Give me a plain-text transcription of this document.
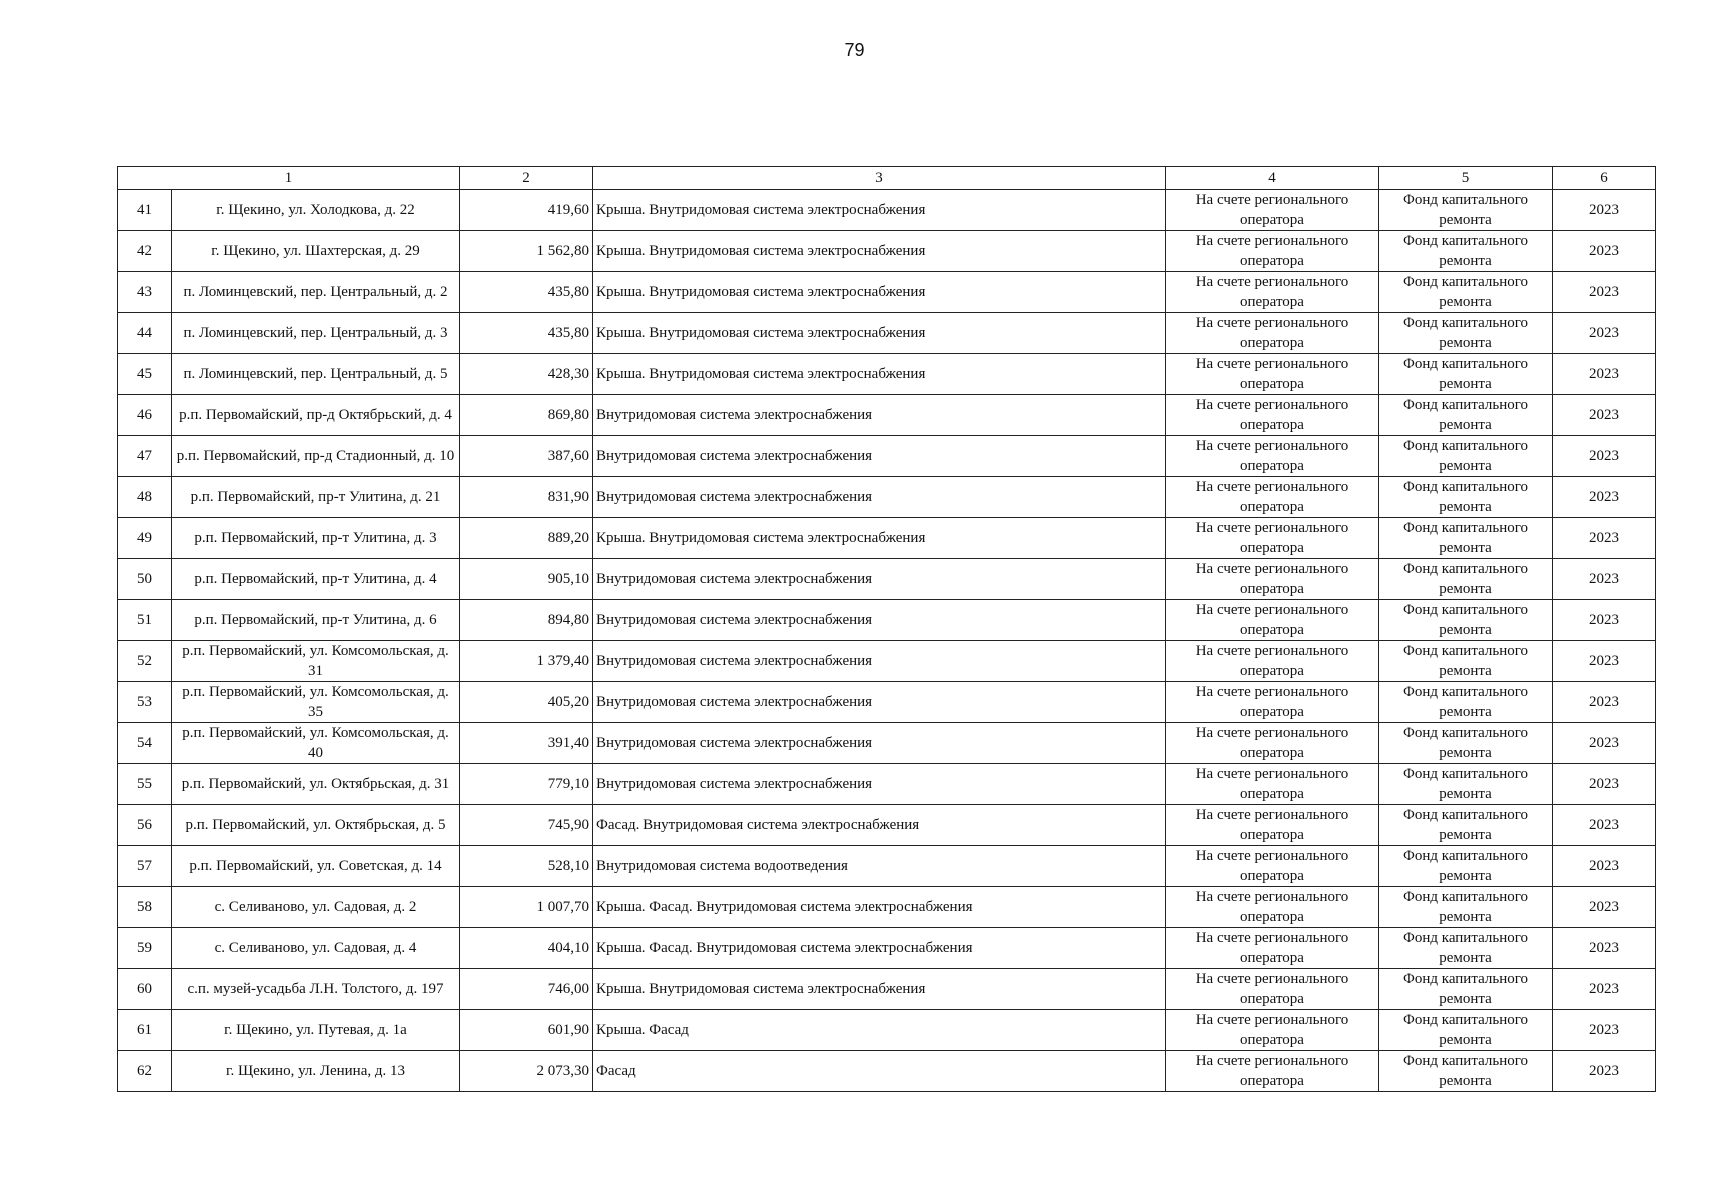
79
1		2	3	4	5	6
41	г. Щекино, ул. Холодкова, д. 22	419,60	Крыша. Внутридомовая система электроснабжения	На счете регионального оператора	Фонд капитального ремонта	2023
42	г. Щекино, ул. Шахтерская, д. 29	1 562,80	Крыша. Внутридомовая система электроснабжения	На счете регионального оператора	Фонд капитального ремонта	2023
43	п. Ломинцевский, пер. Центральный, д. 2	435,80	Крыша. Внутридомовая система электроснабжения	На счете регионального оператора	Фонд капитального ремонта	2023
44	п. Ломинцевский, пер. Центральный, д. 3	435,80	Крыша. Внутридомовая система электроснабжения	На счете регионального оператора	Фонд капитального ремонта	2023
45	п. Ломинцевский, пер. Центральный, д. 5	428,30	Крыша. Внутридомовая система электроснабжения	На счете регионального оператора	Фонд капитального ремонта	2023
46	р.п. Первомайский, пр-д Октябрьский, д. 4	869,80	Внутридомовая система электроснабжения	На счете регионального оператора	Фонд капитального ремонта	2023
47	р.п. Первомайский, пр-д Стадионный, д. 10	387,60	Внутридомовая система электроснабжения	На счете регионального оператора	Фонд капитального ремонта	2023
48	р.п. Первомайский, пр-т Улитина, д. 21	831,90	Внутридомовая система электроснабжения	На счете регионального оператора	Фонд капитального ремонта	2023
49	р.п. Первомайский, пр-т Улитина, д. 3	889,20	Крыша. Внутридомовая система электроснабжения	На счете регионального оператора	Фонд капитального ремонта	2023
50	р.п. Первомайский, пр-т Улитина, д. 4	905,10	Внутридомовая система электроснабжения	На счете регионального оператора	Фонд капитального ремонта	2023
51	р.п. Первомайский, пр-т Улитина, д. 6	894,80	Внутридомовая система электроснабжения	На счете регионального оператора	Фонд капитального ремонта	2023
52	р.п. Первомайский, ул. Комсомольская, д. 31	1 379,40	Внутридомовая система электроснабжения	На счете регионального оператора	Фонд капитального ремонта	2023
53	р.п. Первомайский, ул. Комсомольская, д. 35	405,20	Внутридомовая система электроснабжения	На счете регионального оператора	Фонд капитального ремонта	2023
54	р.п. Первомайский, ул. Комсомольская, д. 40	391,40	Внутридомовая система электроснабжения	На счете регионального оператора	Фонд капитального ремонта	2023
55	р.п. Первомайский, ул. Октябрьская, д. 31	779,10	Внутридомовая система электроснабжения	На счете регионального оператора	Фонд капитального ремонта	2023
56	р.п. Первомайский, ул. Октябрьская, д. 5	745,90	Фасад. Внутридомовая система электроснабжения	На счете регионального оператора	Фонд капитального ремонта	2023
57	р.п. Первомайский, ул. Советская, д. 14	528,10	Внутридомовая система водоотведения	На счете регионального оператора	Фонд капитального ремонта	2023
58	с. Селиваново, ул. Садовая, д. 2	1 007,70	Крыша. Фасад. Внутридомовая система электроснабжения	На счете регионального оператора	Фонд капитального ремонта	2023
59	с. Селиваново, ул. Садовая, д. 4	404,10	Крыша. Фасад. Внутридомовая система электроснабжения	На счете регионального оператора	Фонд капитального ремонта	2023
60	с.п. музей-усадьба Л.Н. Толстого, д. 197	746,00	Крыша. Внутридомовая система электроснабжения	На счете регионального оператора	Фонд капитального ремонта	2023
61	г. Щекино, ул. Путевая, д. 1а	601,90	Крыша. Фасад	На счете регионального оператора	Фонд капитального ремонта	2023
62	г. Щекино, ул. Ленина, д. 13	2 073,30	Фасад	На счете регионального оператора	Фонд капитального ремонта	2023
